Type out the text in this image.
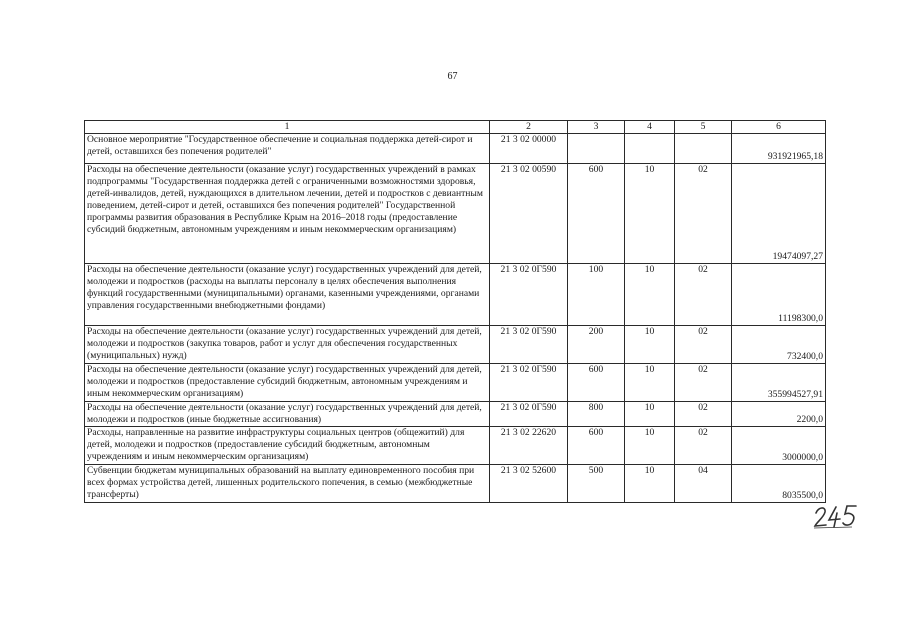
67
1	2	3	4	5	6
Основное мероприятие "Государственное обеспечение и социальная поддержка детей-сирот и детей, оставшихся без попечения родителей"	21 3 02 00000				931921965,18
Расходы на обеспечение деятельности (оказание услуг) государственных учреждений в рамках подпрограммы "Государственная поддержка детей с ограниченными возможностями здоровья, детей-инвалидов, детей, нуждающихся в длительном лечении, детей и подростков с девиантным поведением, детей-сирот и детей, оставшихся без попечения родителей" Государственной программы развития образования в Республике Крым на 2016–2018 годы (предоставление субсидий бюджетным, автономным учреждениям и иным некоммерческим организациям)	21 3 02 00590	600	10	02	19474097,27
Расходы на обеспечение деятельности (оказание услуг) государственных учреждений для детей, молодежи и подростков (расходы на выплаты персоналу в целях обеспечения выполнения функций государственными (муниципальными) органами, казенными учреждениями, органами управления государственными внебюджетными фондами)	21 3 02 0Г590	100	10	02	11198300,0
Расходы на обеспечение деятельности (оказание услуг) государственных учреждений для детей, молодежи и подростков (закупка товаров, работ и услуг для обеспечения государственных (муниципальных) нужд)	21 3 02 0Г590	200	10	02	732400,0
Расходы на обеспечение деятельности (оказание услуг) государственных учреждений для детей, молодежи и подростков (предоставление субсидий бюджетным, автономным учреждениям и иным некоммерческим организациям)	21 3 02 0Г590	600	10	02	355994527,91
Расходы на обеспечение деятельности (оказание услуг) государственных учреждений для детей, молодежи и подростков (иные бюджетные ассигнования)	21 3 02 0Г590	800	10	02	2200,0
Расходы, направленные на развитие инфраструктуры социальных центров (общежитий) для детей, молодежи и подростков (предоставление субсидий бюджетным, автономным учреждениям и иным некоммерческим организациям)	21 3 02 22620	600	10	02	3000000,0
Субвенции бюджетам муниципальных образований на выплату единовременного пособия при всех формах устройства детей, лишенных родительского попечения, в семью (межбюджетные трансферты)	21 3 02 52600	500	10	04	8035500,0
